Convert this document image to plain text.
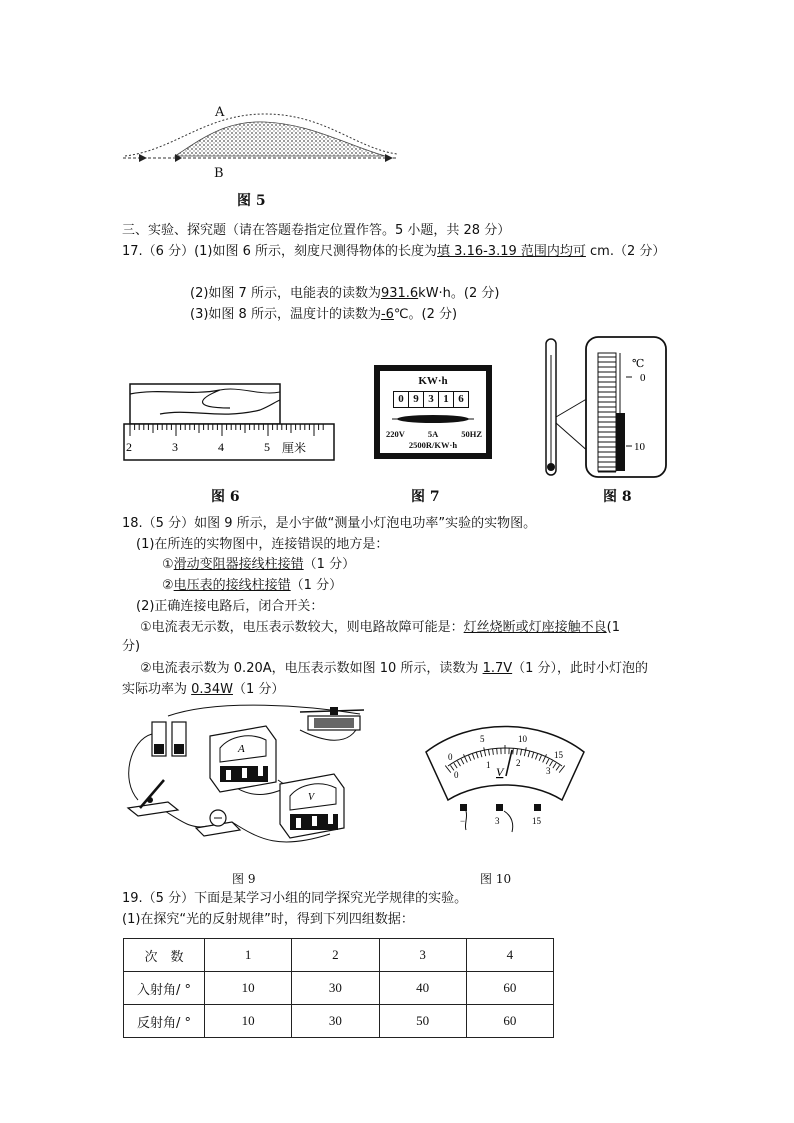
A
B
图 5
三、实验、探究题（请在答题卷指定位置作答。5 小题，共 28 分）
17.（6 分）(1)如图 6 所示，刻度尺测得物体的长度为填 3.16-3.19 范围内均可 cm.（2 分）
(2)如图 7 所示，电能表的读数为931.6kW·h。(2 分)
(3)如图 8 所示，温度计的读数为-6℃。(2 分)
2	3	4	5 厘米
图 6
KW·h
0 9 3 1 6
220V	5A	50HZ
2500R/KW·h
图 7
℃
0
10
图 8
18.（5 分）如图 9 所示，是小宇做“测量小灯泡电功率”实验的实物图。
(1)在所连的实物图中，连接错误的地方是：
①滑动变阻器接线柱接错（1 分）
②电压表的接线柱接错（1 分）
(2)正确连接电路后，闭合开关：
①电流表无示数，电压表示数较大，则电路故障可能是：灯丝烧断或灯座接触不良(1
分)
②电流表示数为 0.20A，电压表示数如图 10 所示，读数为 1.7V（1 分），此时小灯泡的
实际功率为 0.34W（1 分）
A
V
图 9
0
5	10
15
0
1	2
3
V
−	3	15
图 10
19.（5 分）下面是某学习小组的同学探究光学规律的实验。
(1)在探究“光的反射规律”时，得到下列四组数据：
次　数	1	2	3	4
入射角/ °	10	30	40	60
反射角/ °	10	30	50	60
